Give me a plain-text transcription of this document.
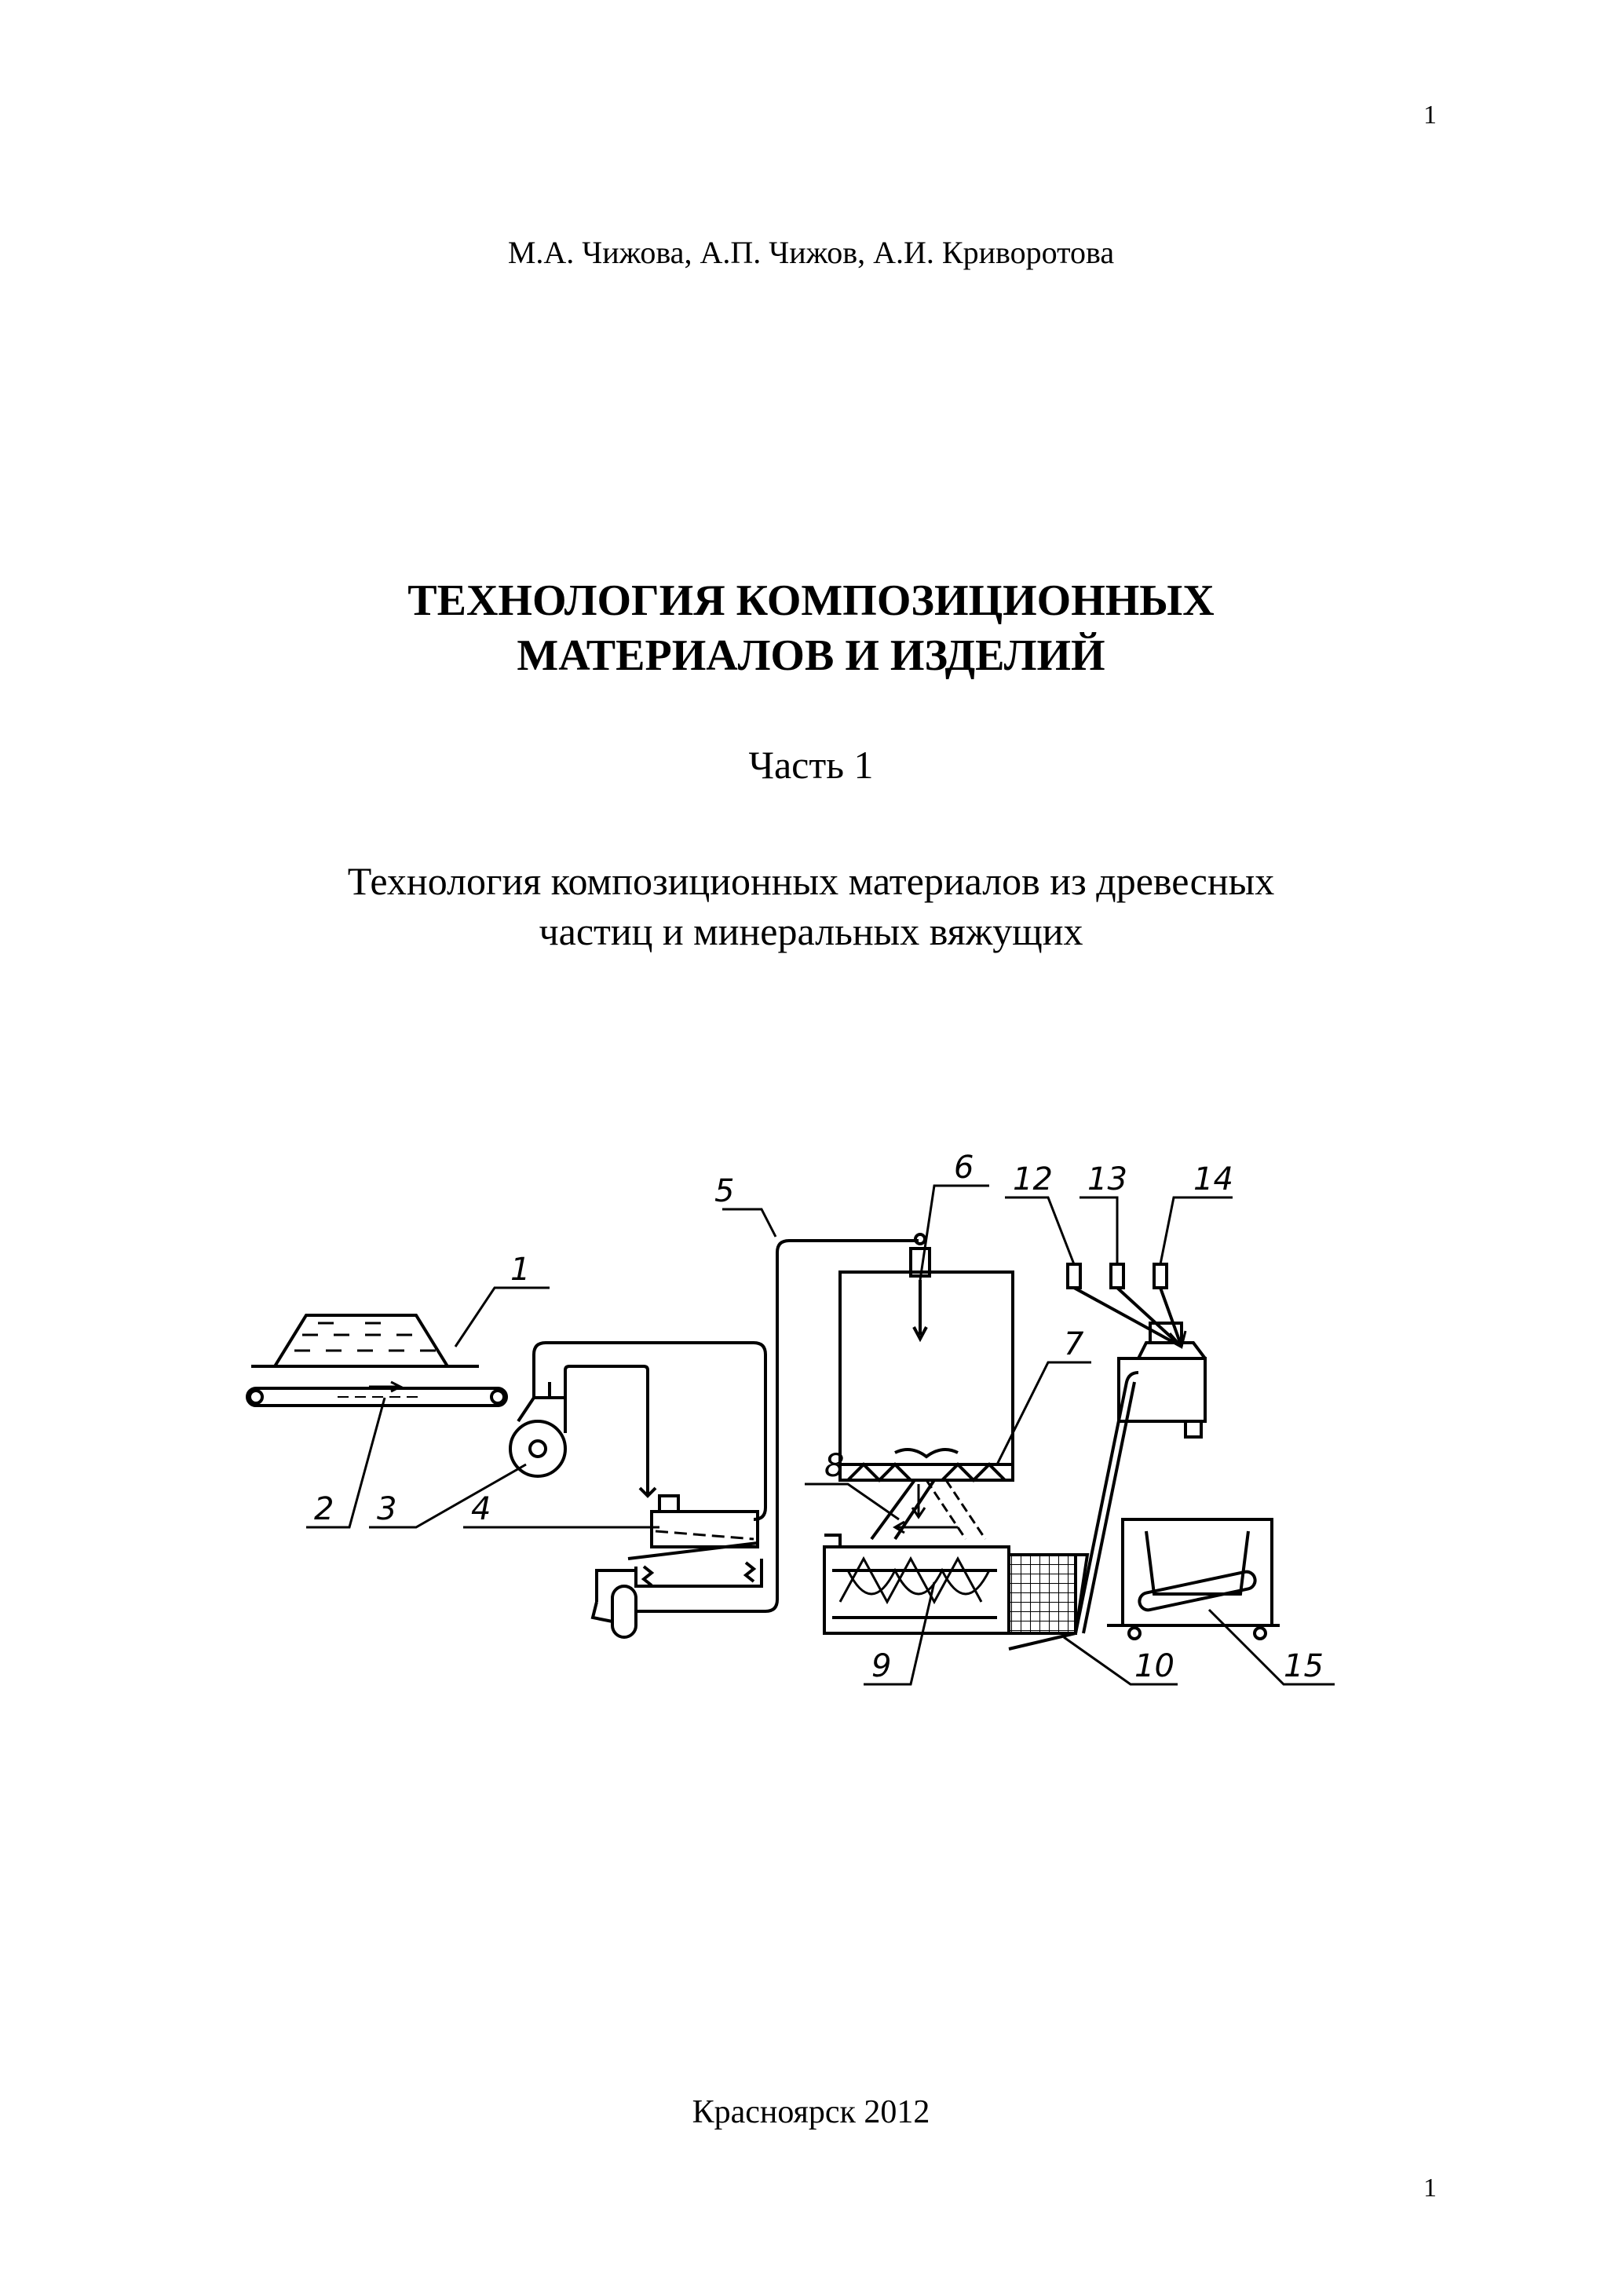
1
М.А. Чижова, А.П. Чижов, А.И. Криворотова
ТЕХНОЛОГИЯ КОМПОЗИЦИОННЫХ
МАТЕРИАЛОВ И ИЗДЕЛИЙ
Часть 1
Технология композиционных материалов из древесных
частиц и минеральных вяжущих
1
2 3 4
5
6
7
8
9	10
12 13 14
15
Красноярск 2012
1
